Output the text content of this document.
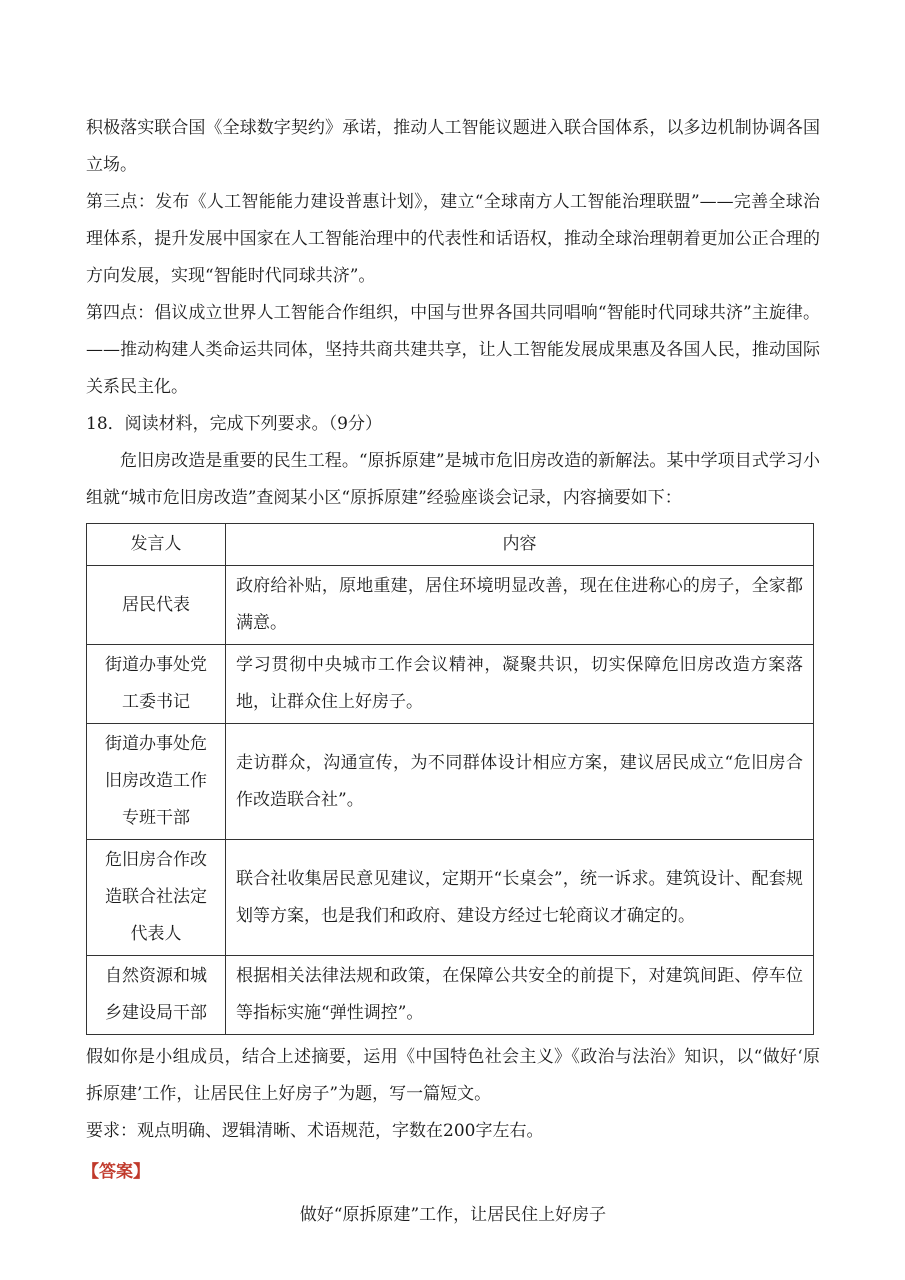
积极落实联合国《全球数字契约》承诺，推动人工智能议题进入联合国体系，以多边机制协调各国立场。

第三点：发布《人工智能能力建设普惠计划》，建立“全球南方人工智能治理联盟”——完善全球治理体系，提升发展中国家在人工智能治理中的代表性和话语权，推动全球治理朝着更加公正合理的方向发展，实现“智能时代同球共济”。

第四点：倡议成立世界人工智能合作组织，中国与世界各国共同唱响“智能时代同球共济”主旋律。——推动构建人类命运共同体，坚持共商共建共享，让人工智能发展成果惠及各国人民，推动国际关系民主化。

18．阅读材料，完成下列要求。（9分）

危旧房改造是重要的民生工程。“原拆原建”是城市危旧房改造的新解法。某中学项目式学习小组就“城市危旧房改造”查阅某小区“原拆原建”经验座谈会记录，内容摘要如下：

发言人	内容
居民代表	政府给补贴，原地重建，居住环境明显改善，现在住进称心的房子，全家都满意。
街道办事处党工委书记	学习贯彻中央城市工作会议精神，凝聚共识，切实保障危旧房改造方案落地，让群众住上好房子。
街道办事处危旧房改造工作专班干部	走访群众，沟通宣传，为不同群体设计相应方案，建议居民成立“危旧房合作改造联合社”。
危旧房合作改造联合社法定代表人	联合社收集居民意见建议，定期开“长桌会”，统一诉求。建筑设计、配套规划等方案，也是我们和政府、建设方经过七轮商议才确定的。
自然资源和城乡建设局干部	根据相关法律法规和政策，在保障公共安全的前提下，对建筑间距、停车位等指标实施“弹性调控”。

假如你是小组成员，结合上述摘要，运用《中国特色社会主义》《政治与法治》知识，以“做好‘原拆原建’工作，让居民住上好房子”为题，写一篇短文。

要求：观点明确、逻辑清晰、术语规范，字数在200字左右。

【答案】
做好“原拆原建”工作，让居民住上好房子
